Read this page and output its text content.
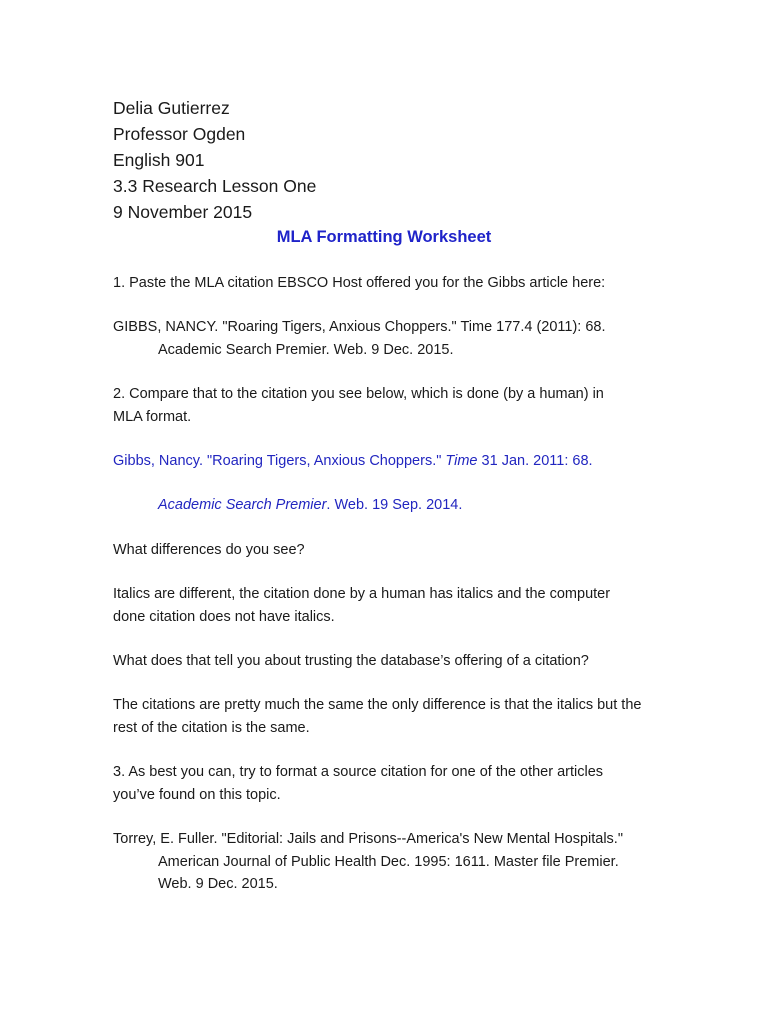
Delia Gutierrez
Professor Ogden
English 901
3.3 Research Lesson One
9 November 2015
MLA Formatting Worksheet

1. Paste the MLA citation EBSCO Host offered you for the Gibbs article here:

GIBBS, NANCY. "Roaring Tigers, Anxious Choppers." Time 177.4 (2011): 68.
Academic Search Premier. Web. 9 Dec. 2015.

2. Compare that to the citation you see below, which is done (by a human) in MLA format.

Gibbs, Nancy. "Roaring Tigers, Anxious Choppers." Time 31 Jan. 2011: 68.
Academic Search Premier. Web. 19 Sep. 2014.

What differences do you see?

Italics are different, the citation done by a human has italics and the computer done citation does not have italics.

What does that tell you about trusting the database’s offering of a citation?

The citations are pretty much the same the only difference is that the italics but the rest of the citation is the same.

3. As best you can, try to format a source citation for one of the other articles you’ve found on this topic.

Torrey, E. Fuller. "Editorial: Jails and Prisons--America's New Mental Hospitals."
American Journal of Public Health Dec. 1995: 1611. Master file Premier.
Web. 9 Dec. 2015.
